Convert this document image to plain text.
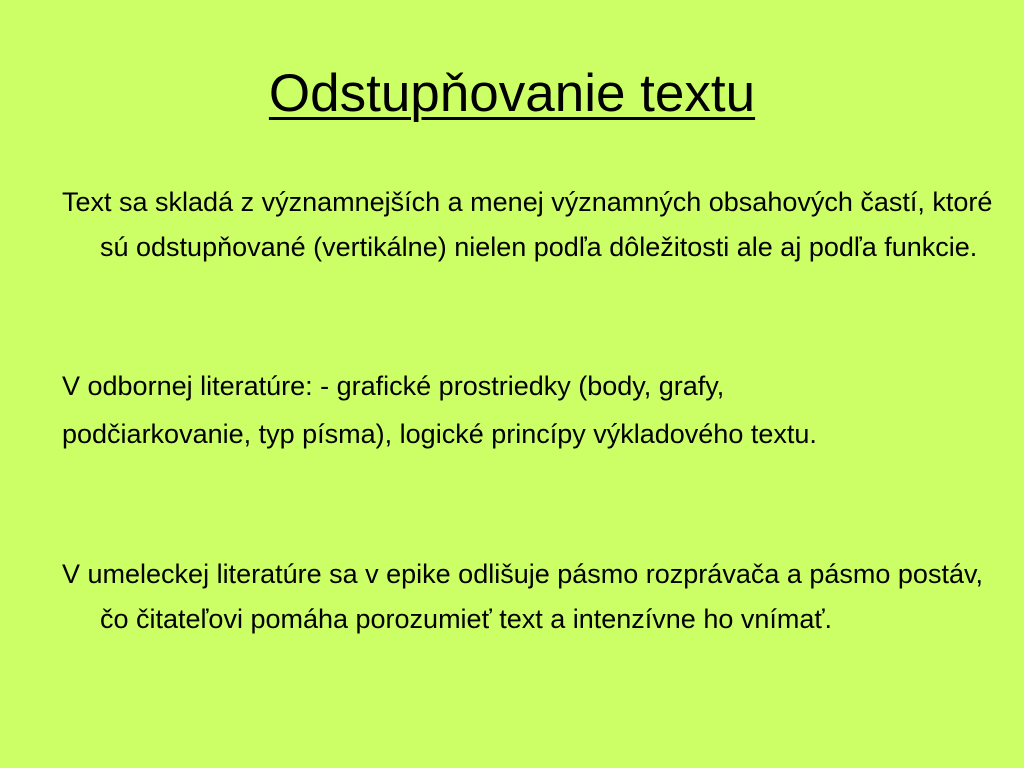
Odstupňovanie textu

Text sa skladá z významnejších a menej významných obsahových častí, ktoré sú odstupňované (vertikálne) nielen podľa dôležitosti ale aj podľa funkcie.

V odbornej literatúre: - grafické prostriedky (body, grafy,

podčiarkovanie, typ písma), logické princípy výkladového textu.

V umeleckej literatúre sa v epike odlišuje pásmo rozprávača a pásmo postáv, čo čitateľovi pomáha porozumieť text a intenzívne ho vnímať.
